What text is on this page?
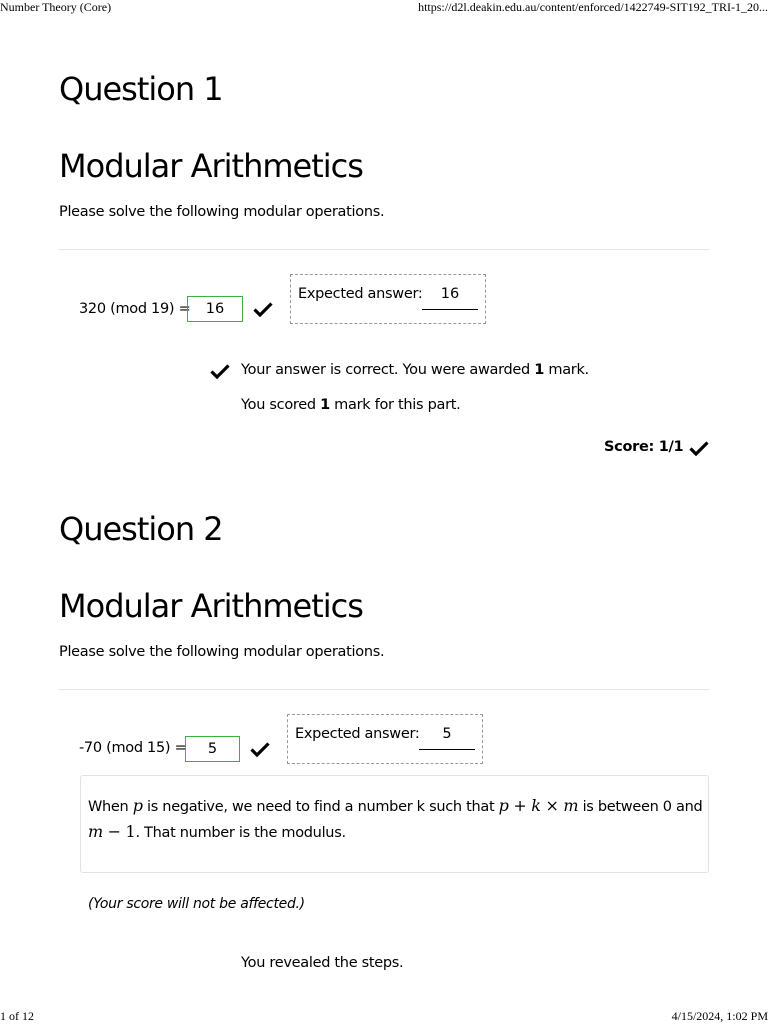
Number Theory (Core)	https://d2l.deakin.edu.au/content/enforced/1422749-SIT192_TRI-1_20...
Question 1
Modular Arithmetics
Please solve the following modular operations.
320 (mod 19) =	16
Expected answer:	16
Your answer is correct. You were awarded 1 mark.
You scored 1 mark for this part.
Score: 1/1
Question 2
Modular Arithmetics
Please solve the following modular operations.
-70 (mod 15) =	5
Expected answer:	5
When p is negative, we need to find a number k such that p + k × m is between 0 and
m − 1. That number is the modulus.
(Your score will not be affected.)
You revealed the steps.
1 of 12	4/15/2024, 1:02 PM
